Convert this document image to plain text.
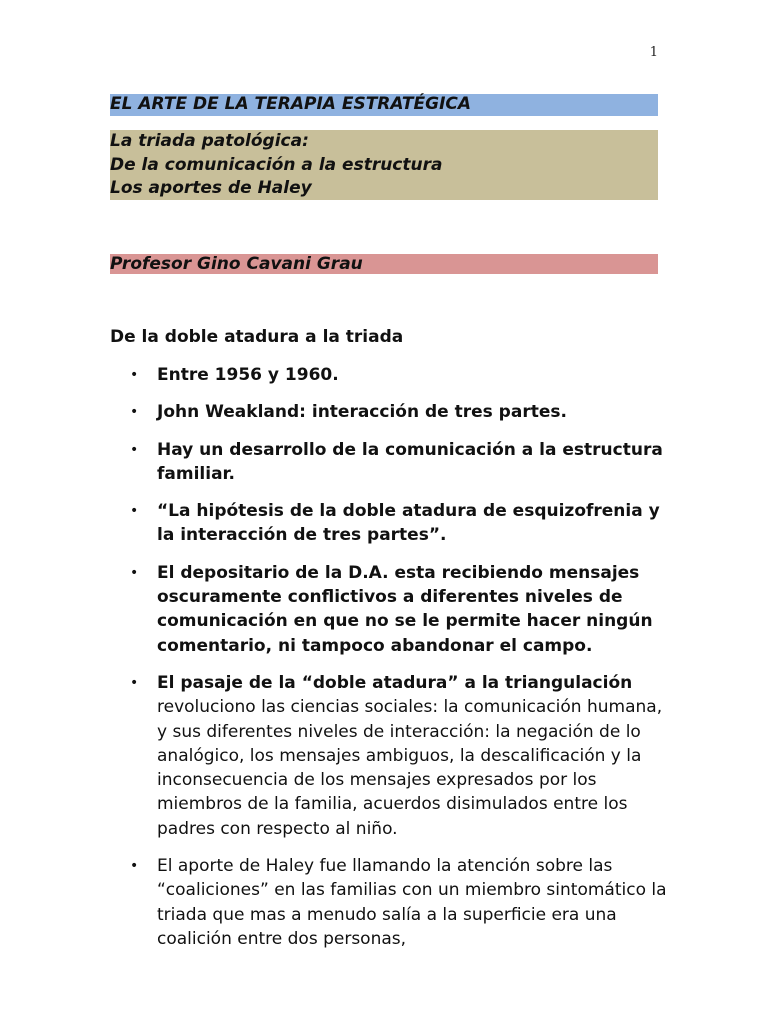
1
EL ARTE DE LA TERAPIA ESTRATÉGICA
La triada patológica:
De la comunicación a la estructura
Los aportes de Haley
Profesor Gino Cavani Grau
De la doble atadura a la triada
• Entre 1956 y 1960.
• John Weakland: interacción de tres partes.
• Hay un desarrollo de la comunicación a la estructura familiar.
• “La hipótesis de la doble atadura de esquizofrenia y la interacción de tres partes”.
• El depositario de la D.A. esta recibiendo mensajes oscuramente conflictivos a diferentes niveles de comunicación en que no se le permite hacer ningún comentario, ni tampoco abandonar el campo.
• El pasaje de la “doble atadura” a la triangulación revoluciono las ciencias sociales: la comunicación humana, y sus diferentes niveles de interacción: la negación de lo analógico, los mensajes ambiguos, la descalificación y la inconsecuencia de los mensajes expresados por los miembros de la familia, acuerdos disimulados entre los padres con respecto al niño.
• El aporte de Haley fue llamando la atención sobre las “coaliciones” en las familias con un miembro sintomático la triada que mas a menudo salía a la superficie era una coalición entre dos personas,
